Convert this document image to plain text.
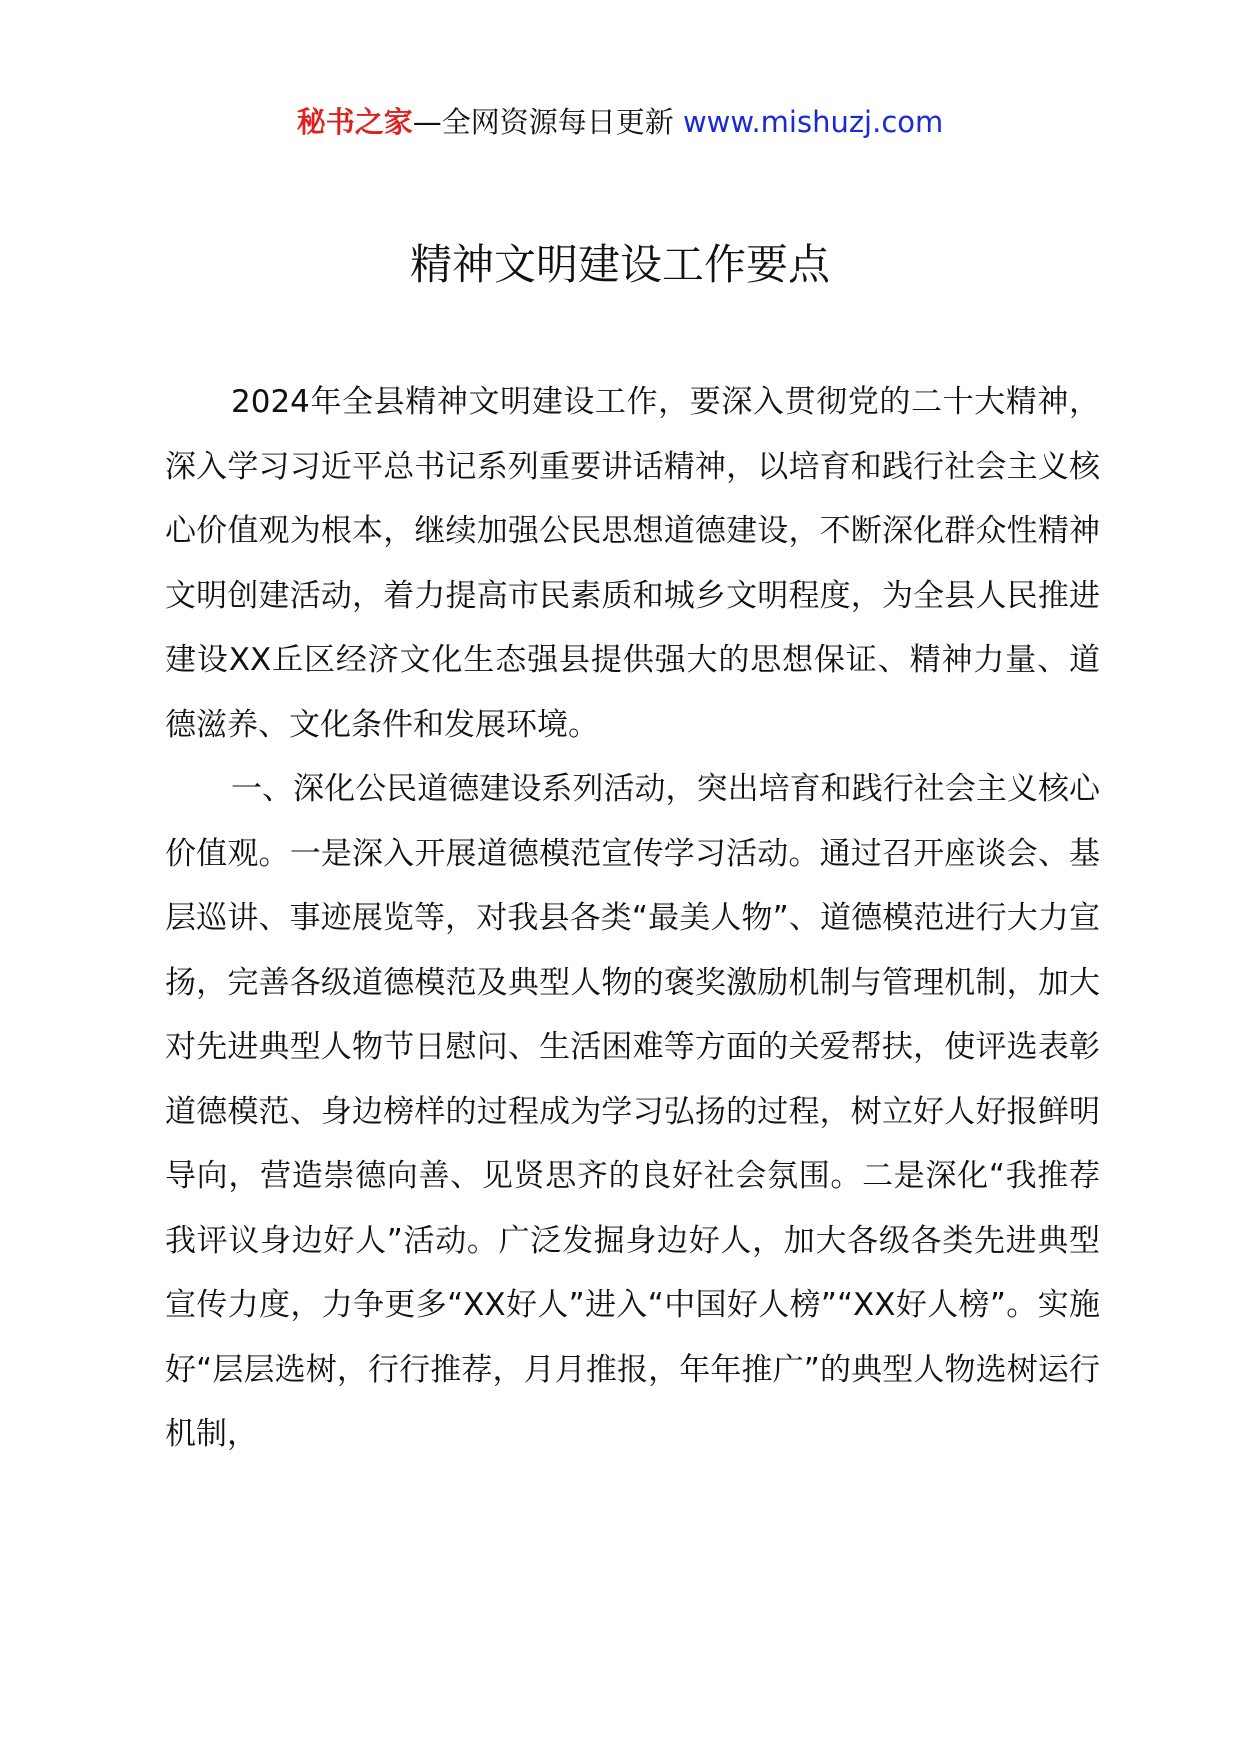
秘书之家—全网资源每日更新 www.mishuzj.com
精神文明建设工作要点

2024年全县精神文明建设工作，要深入贯彻党的二十大精神，深入学习习近平总书记系列重要讲话精神，以培育和践行社会主义核心价值观为根本，继续加强公民思想道德建设，不断深化群众性精神文明创建活动，着力提高市民素质和城乡文明程度，为全县人民推进建设XX丘区经济文化生态强县提供强大的思想保证、精神力量、道德滋养、文化条件和发展环境。

一、深化公民道德建设系列活动，突出培育和践行社会主义核心价值观。一是深入开展道德模范宣传学习活动。通过召开座谈会、基层巡讲、事迹展览等，对我县各类“最美人物”、道德模范进行大力宣扬，完善各级道德模范及典型人物的褒奖激励机制与管理机制，加大对先进典型人物节日慰问、生活困难等方面的关爱帮扶，使评选表彰道德模范、身边榜样的过程成为学习弘扬的过程，树立好人好报鲜明导向，营造崇德向善、见贤思齐的良好社会氛围。二是深化“我推荐我评议身边好人”活动。广泛发掘身边好人，加大各级各类先进典型宣传力度，力争更多“XX好人”进入“中国好人榜”“XX好人榜”。实施好“层层选树，行行推荐，月月推报，年年推广”的典型人物选树运行机制，
